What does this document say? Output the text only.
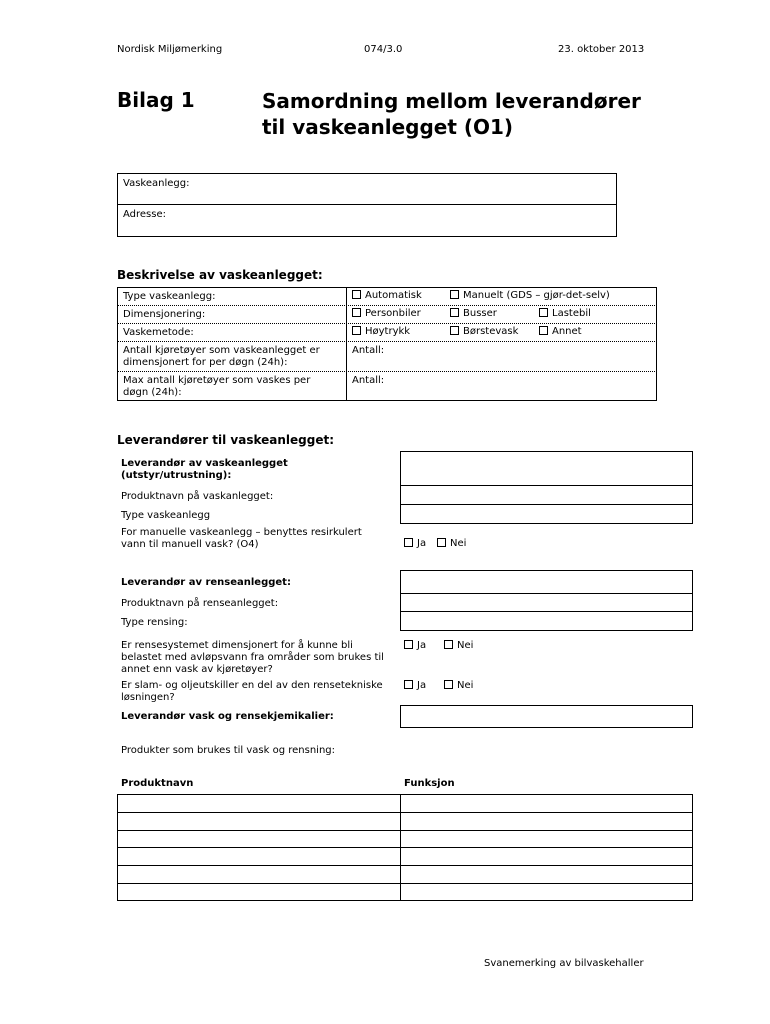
Nordisk Miljømerking	074/3.0	23. oktober 2013
Bilag 1	Samordning mellom leverandører
til vaskeanlegget (O1)
Vaskeanlegg:
Adresse:
Beskrivelse av vaskeanlegget:
Type vaskeanlegg:	Automatisk	Manuelt (GDS – gjør-det-selv)
Dimensjonering:	Personbiler	Busser	Lastebil
Vaskemetode:	Høytrykk	Børstevask	Annet
Antall kjøretøyer som vaskeanlegget er
dimensjonert for per døgn (24h):
Antall:
Max antall kjøretøyer som vaskes per
døgn (24h):
Antall:
Leverandører til vaskeanlegget:
Leverandør av vaskeanlegget
(utstyr/utrustning):
Produktnavn på vaskanlegget:
Type vaskeanlegg
For manuelle vaskeanlegg – benyttes resirkulert
vann til manuell vask? (O4)	Ja	Nei
Leverandør av renseanlegget:
Produktnavn på renseanlegget:
Type rensing:
Er rensesystemet dimensjonert for å kunne bli
belastet med avløpsvann fra områder som brukes til
annet enn vask av kjøretøyer?
Ja	Nei
Er slam- og oljeutskiller en del av den rensetekniske
løsningen?
Ja	Nei
Leverandør vask og rensekjemikalier:
Produkter som brukes til vask og rensning:
Produktnavn	Funksjon
Svanemerking av bilvaskehaller
